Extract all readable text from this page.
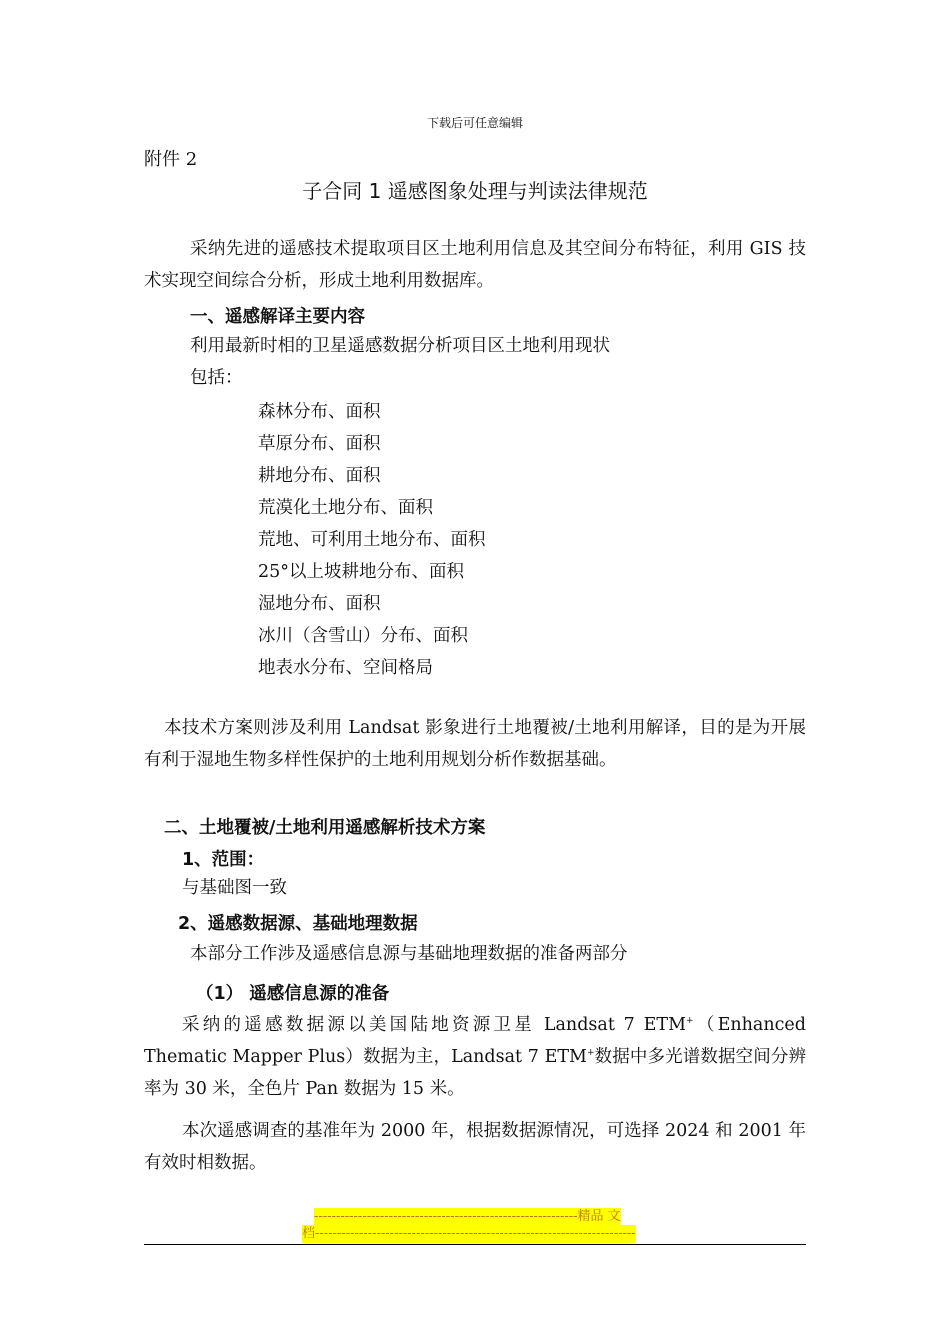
下载后可任意编辑
附件 2
子合同 1 遥感图象处理与判读法律规范
采纳先进的遥感技术提取项目区土地利用信息及其空间分布特征，利用 GIS 技术实现空间综合分析，形成土地利用数据库。
一、遥感解译主要内容
利用最新时相的卫星遥感数据分析项目区土地利用现状
包括：
森林分布、面积
草原分布、面积
耕地分布、面积
荒漠化土地分布、面积
荒地、可利用土地分布、面积
25°以上坡耕地分布、面积
湿地分布、面积
冰川（含雪山）分布、面积
地表水分布、空间格局
本技术方案则涉及利用 Landsat 影象进行土地覆被/土地利用解译，目的是为开展有利于湿地生物多样性保护的土地利用规划分析作数据基础。
二、土地覆被/土地利用遥感解析技术方案
1、范围：
与基础图一致
2、遥感数据源、基础地理数据
本部分工作涉及遥感信息源与基础地理数据的准备两部分
（1） 遥感信息源的准备
采纳的遥感数据源以美国陆地资源卫星 Landsat 7 ETM+（Enhanced Thematic Mapper Plus）数据为主，Landsat 7 ETM+数据中多光谱数据空间分辨率为 30 米，全色片 Pan 数据为 15 米。
本次遥感调查的基准年为 2000 年，根据数据源情况，可选择 2024 和 2001 年有效时相数据。
------------------------------------------------------------精品 文
档-------------------------------------------------------------------------
